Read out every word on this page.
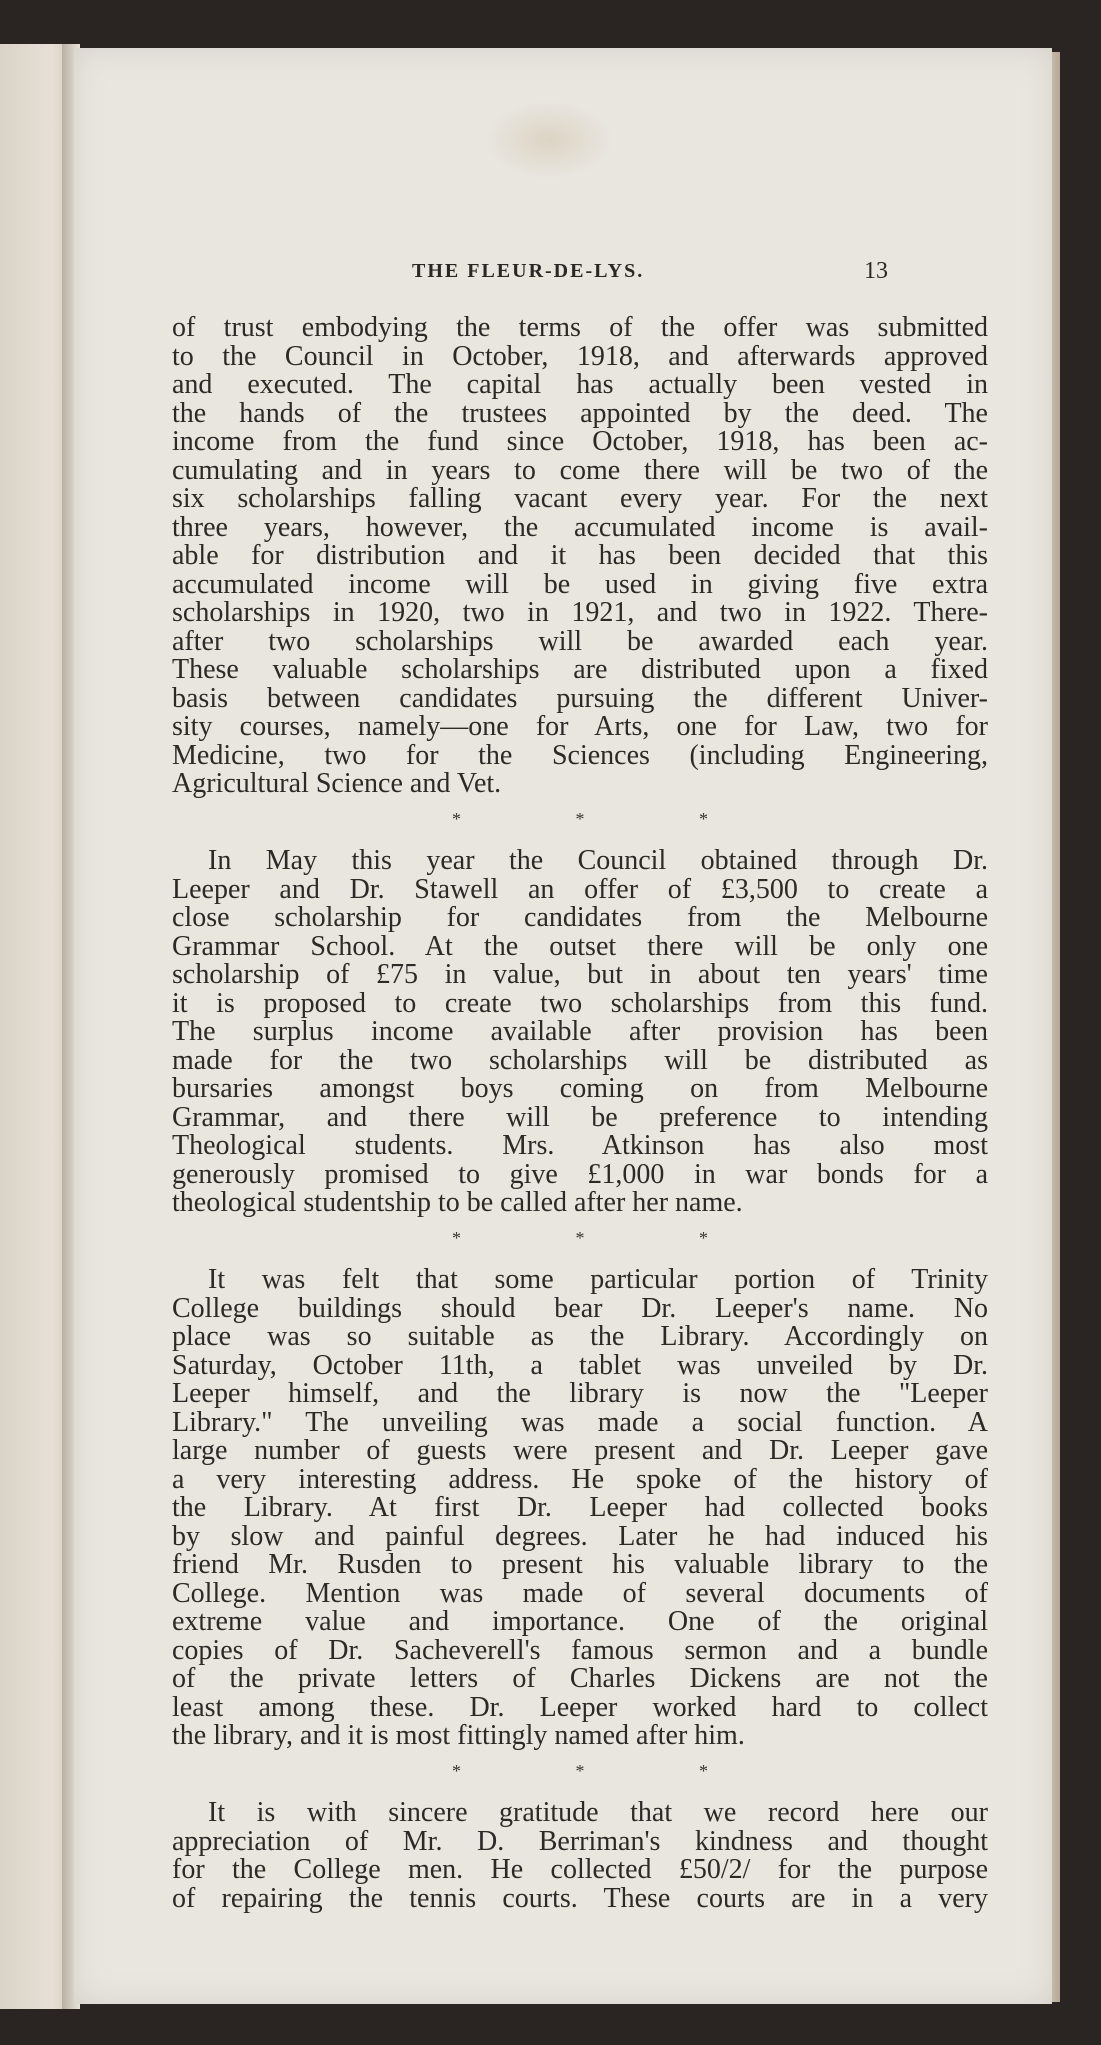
THE FLEUR-DE-LYS.	13
of trust embodying the terms of the offer was submitted
to the Council in October, 1918, and afterwards approved
and executed. The capital has actually been vested in
the hands of the trustees appointed by the deed. The
income from the fund since October, 1918, has been ac-
cumulating and in years to come there will be two of the
six scholarships falling vacant every year. For the next
three years, however, the accumulated income is avail-
able for distribution and it has been decided that this
accumulated income will be used in giving five extra
scholarships in 1920, two in 1921, and two in 1922. There-
after two scholarships will be awarded each year.
These valuable scholarships are distributed upon a fixed
basis between candidates pursuing the different Univer-
sity courses, namely—one for Arts, one for Law, two for
Medicine, two for the Sciences (including Engineering,
Agricultural Science and Vet.
* * *
In May this year the Council obtained through Dr.
Leeper and Dr. Stawell an offer of £3,500 to create a
close scholarship for candidates from the Melbourne
Grammar School. At the outset there will be only one
scholarship of £75 in value, but in about ten years' time
it is proposed to create two scholarships from this fund.
The surplus income available after provision has been
made for the two scholarships will be distributed as
bursaries amongst boys coming on from Melbourne
Grammar, and there will be preference to intending
Theological students. Mrs. Atkinson has also most
generously promised to give £1,000 in war bonds for a
theological studentship to be called after her name.
* * *
It was felt that some particular portion of Trinity
College buildings should bear Dr. Leeper's name. No
place was so suitable as the Library. Accordingly on
Saturday, October 11th, a tablet was unveiled by Dr.
Leeper himself, and the library is now the "Leeper
Library." The unveiling was made a social function. A
large number of guests were present and Dr. Leeper gave
a very interesting address. He spoke of the history of
the Library. At first Dr. Leeper had collected books
by slow and painful degrees. Later he had induced his
friend Mr. Rusden to present his valuable library to the
College. Mention was made of several documents of
extreme value and importance. One of the original
copies of Dr. Sacheverell's famous sermon and a bundle
of the private letters of Charles Dickens are not the
least among these. Dr. Leeper worked hard to collect
the library, and it is most fittingly named after him.
* * *
It is with sincere gratitude that we record here our
appreciation of Mr. D. Berriman's kindness and thought
for the College men. He collected £50/2/ for the purpose
of repairing the tennis courts. These courts are in a very
